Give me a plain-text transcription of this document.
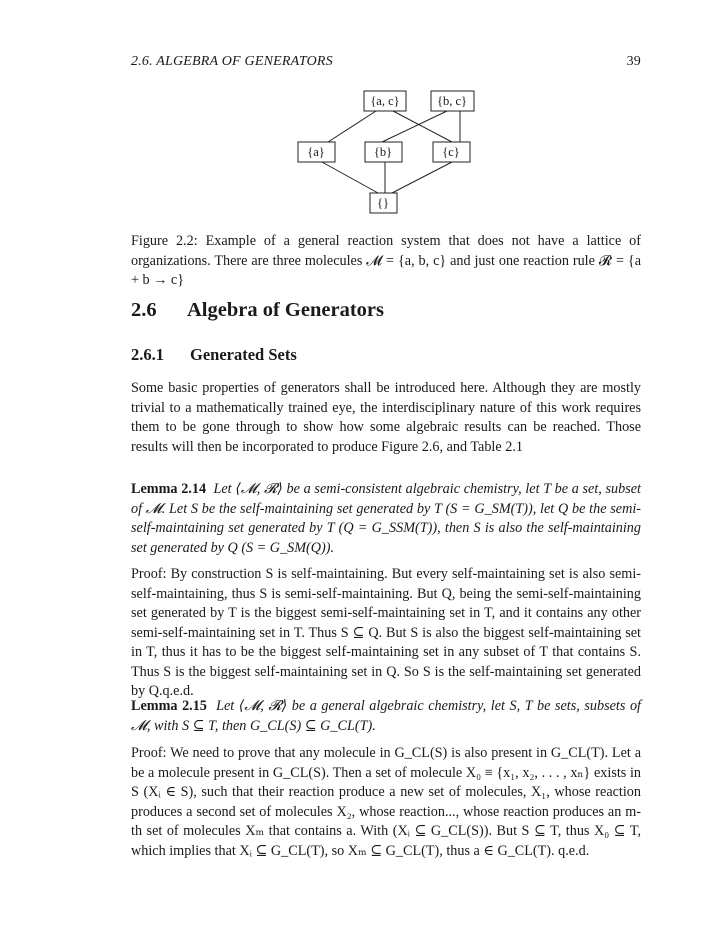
2.6. ALGEBRA OF GENERATORS	39
{a, c}	{b, c}
{a}	{b}	{c}
{}

Figure 2.2: Example of a general reaction system that does not have a lattice of organizations. There are three molecules 𝓜 = {a, b, c} and just one reaction rule 𝓡 = {a + b → c}

2.6 Algebra of Generators
2.6.1 Generated Sets

Some basic properties of generators shall be introduced here. Although they are mostly trivial to a mathematically trained eye, the interdisciplinary nature of this work requires them to be gone through to show how some algebraic results can be reached. Those results will then be incorporated to produce Figure 2.6, and Table 2.1

Lemma 2.14 Let ⟨𝓜, 𝓡⟩ be a semi-consistent algebraic chemistry, let T be a set, subset of 𝓜. Let S be the self-maintaining set generated by T (S = G_SM(T)), let Q be the semi-self-maintaining set generated by T (Q = G_SSM(T)), then S is also the self-maintaining set generated by Q (S = G_SM(Q)).

Proof: By construction S is self-maintaining. But every self-maintaining set is also semi-self-maintaining, thus S is semi-self-maintaining. But Q, being the semi-self-maintaining set generated by T is the biggest semi-self-maintaining set in T, and it contains any other semi-self-maintaining set in T. Thus S ⊆ Q. But S is also the biggest self-maintaining set in T, thus it has to be the biggest self-maintaining set in any subset of T that contains S. Thus S is the biggest self-maintaining set in Q. So S is the self-maintaining set generated by Q.q.e.d.

Lemma 2.15 Let ⟨𝓜, 𝓡⟩ be a general algebraic chemistry, let S, T be sets, subsets of 𝓜, with S ⊆ T, then G_CL(S) ⊆ G_CL(T).

Proof: We need to prove that any molecule in G_CL(S) is also present in G_CL(T). Let a be a molecule present in G_CL(S). Then a set of molecule X₀ ≡ {x₁, x₂, . . . , xₙ} exists in S (Xᵢ ∈ S), such that their reaction produce a new set of molecules, X₁, whose reaction produces a second set of molecules X₂, whose reaction..., whose reaction produces an m-th set of molecules Xₘ that contains a. With (Xᵢ ⊆ G_CL(S)). But S ⊆ T, thus X₀ ⊆ T, which implies that Xᵢ ⊆ G_CL(T), so Xₘ ⊆ G_CL(T), thus a ∈ G_CL(T). q.e.d.
